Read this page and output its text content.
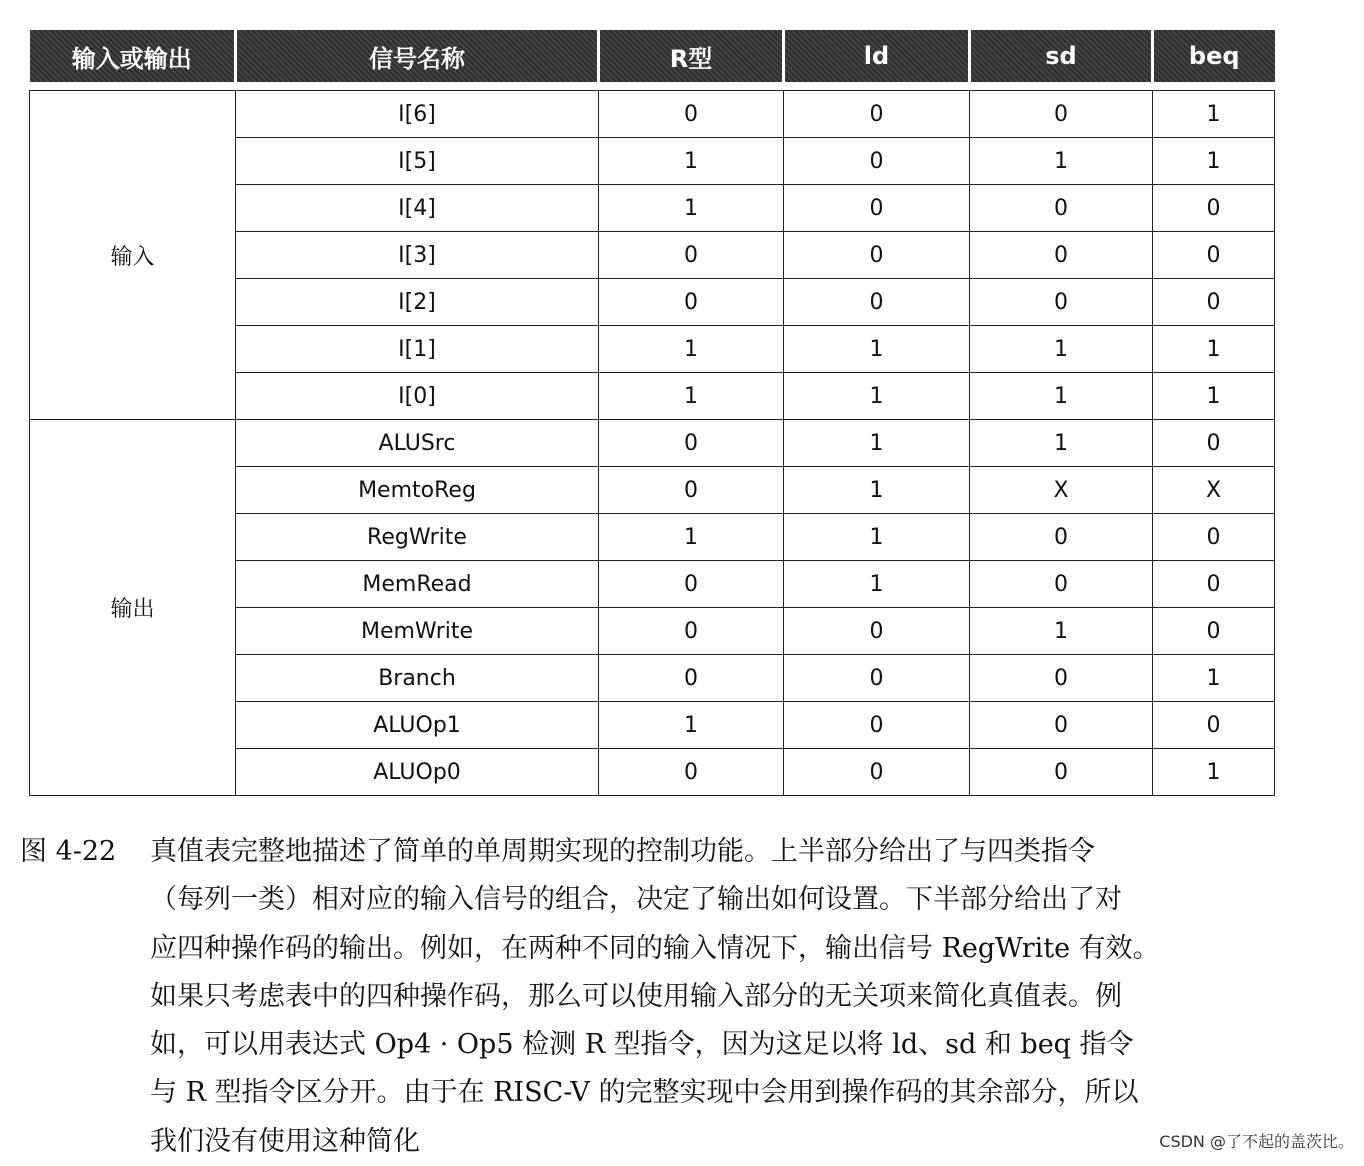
输入或输出	信号名称	R型	ld	sd	beq

输入	I[6]	0	0	0	1
	I[5]	1	0	1	1
	I[4]	1	0	0	0
	I[3]	0	0	0	0
	I[2]	0	0	0	0
	I[1]	1	1	1	1
	I[0]	1	1	1	1
输出	ALUSrc	0	1	1	0
	MemtoReg	0	1	X	X
	RegWrite	1	1	0	0
	MemRead	0	1	0	0
	MemWrite	0	0	1	0
	Branch	0	0	0	1
	ALUOp1	1	0	0	0
	ALUOp0	0	0	0	1
图 4-22	真值表完整地描述了简单的单周期实现的控制功能。上半部分给出了与四类指令
（每列一类）相对应的输入信号的组合，决定了输出如何设置。下半部分给出了对
应四种操作码的输出。例如，在两种不同的输入情况下，输出信号 RegWrite 有效。
如果只考虑表中的四种操作码，那么可以使用输入部分的无关项来简化真值表。例
如，可以用表达式 Op4 · Op5 检测 R 型指令，因为这足以将 ld、sd 和 beq 指令
与 R 型指令区分开。由于在 RISC-V 的完整实现中会用到操作码的其余部分，所以
我们没有使用这种简化	CSDN @了不起的盖茨比。
